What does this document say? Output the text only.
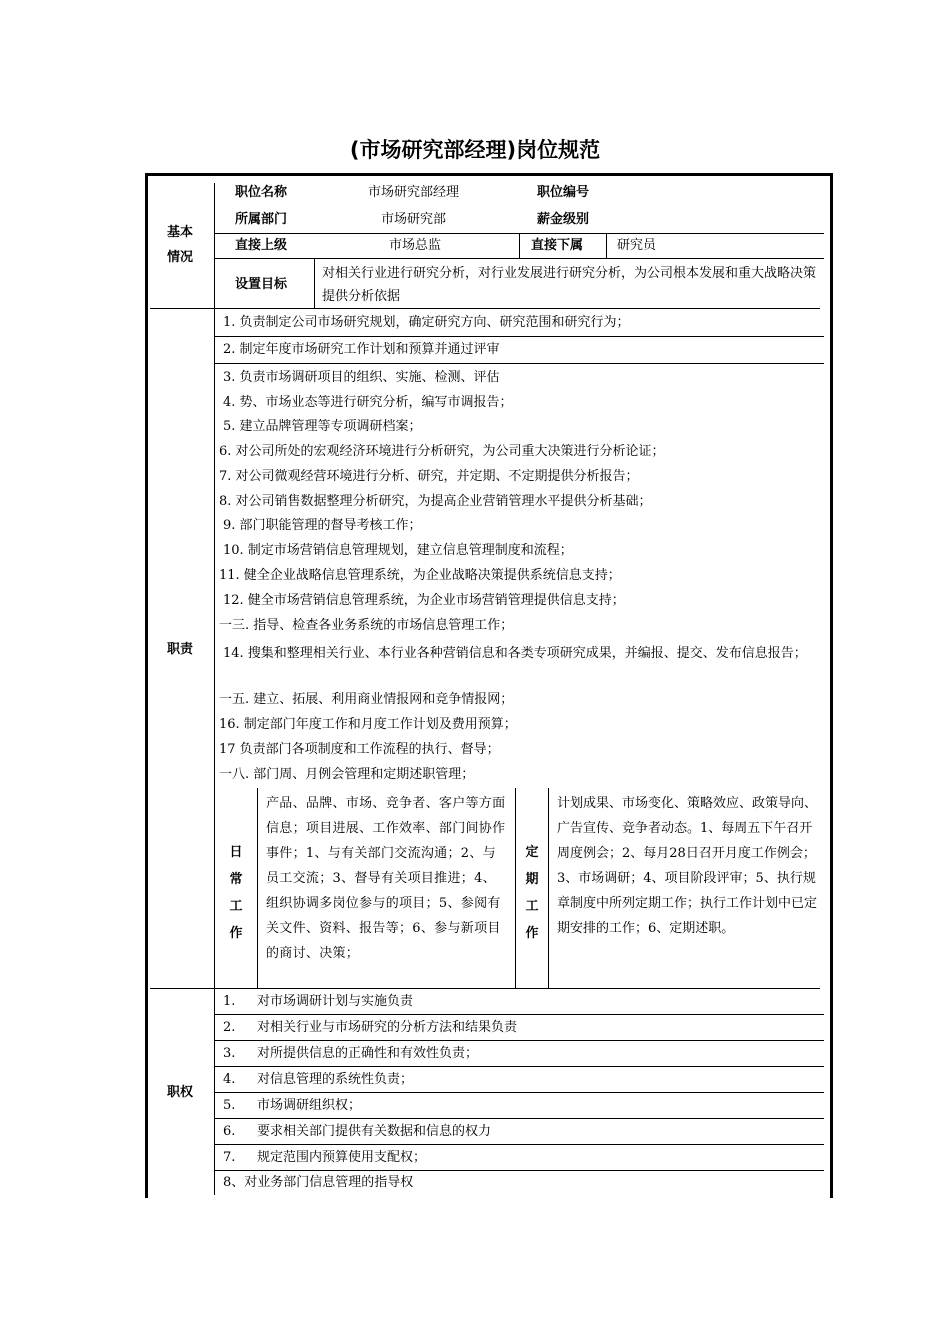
(市场研究部经理)岗位规范
基本
情况
职位名称	市场研究部经理	职位编号
所属部门	市场研究部	薪金级别
直接上级	市场总监	直接下属	研究员
设置目标
对相关行业进行研究分析，对行业发展进行研究分析，为公司根本发展和重大战略决策提供分析依据
职责
1. 负责制定公司市场研究规划，确定研究方向、研究范围和研究行为；
2. 制定年度市场研究工作计划和预算并通过评审
3. 负责市场调研项目的组织、实施、检测、评估
4. 势、市场业态等进行研究分析，编写市调报告；
5. 建立品牌管理等专项调研档案；
6. 对公司所处的宏观经济环境进行分析研究，为公司重大决策进行分析论证；
7. 对公司微观经营环境进行分析、研究，并定期、不定期提供分析报告；
8. 对公司销售数据整理分析研究，为提高企业营销管理水平提供分析基础；
9. 部门职能管理的督导考核工作；
10. 制定市场营销信息管理规划，建立信息管理制度和流程；
11. 健全企业战略信息管理系统，为企业战略决策提供系统信息支持；
12. 健全市场营销信息管理系统，为企业市场营销管理提供信息支持；
一三. 指导、检查各业务系统的市场信息管理工作；
14. 搜集和整理相关行业、本行业各种营销信息和各类专项研究成果，并编报、提交、发布信息报告；
一五. 建立、拓展、利用商业情报网和竞争情报网；
16. 制定部门年度工作和月度工作计划及费用预算；
17 负责部门各项制度和工作流程的执行、督导；
一八. 部门周、月例会管理和定期述职管理；
日
常
工
作
产品、品牌、市场、竞争者、客户等方面信息；项目进展、工作效率、部门间协作事件；1、与有关部门交流沟通；2、与员工交流；3、督导有关项目推进；4、组织协调多岗位参与的项目；5、参阅有关文件、资料、报告等；6、参与新项目的商讨、决策；
定
期
工
作
计划成果、市场变化、策略效应、政策导向、广告宣传、竞争者动态。1、每周五下午召开周度例会；2、每月28日召开月度工作例会；3、市场调研；4、项目阶段评审；5、执行规章制度中所列定期工作；执行工作计划中已定期安排的工作；6、定期述职。
职权
1. 对市场调研计划与实施负责
2. 对相关行业与市场研究的分析方法和结果负责
3. 对所提供信息的正确性和有效性负责；
4. 对信息管理的系统性负责；
5. 市场调研组织权；
6. 要求相关部门提供有关数据和信息的权力
7. 规定范围内预算使用支配权；
8、对业务部门信息管理的指导权
